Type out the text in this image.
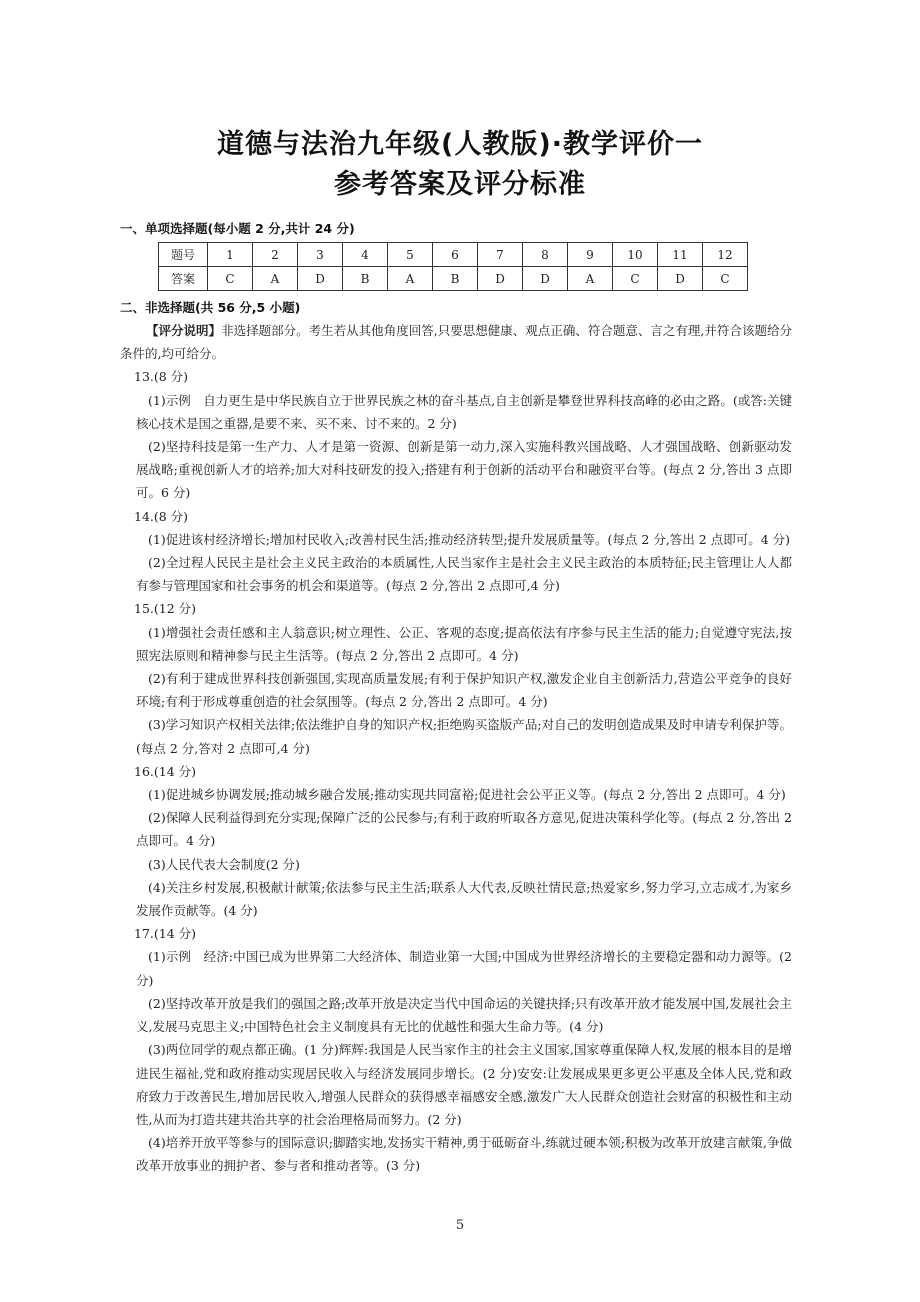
道德与法治九年级(人教版)·教学评价一
参考答案及评分标准
一、单项选择题(每小题 2 分,共计 24 分)
题号	1	2	3	4	5	6	7	8	9	10	11	12
答案	C	A	D	B	A	B	D	D	A	C	D	C
二、非选择题(共 56 分,5 小题)

【评分说明】非选择题部分。考生若从其他角度回答,只要思想健康、观点正确、符合题意、言之有理,并符合该题给分条件的,均可给分。

13.(8 分)

(1)示例　自力更生是中华民族自立于世界民族之林的奋斗基点,自主创新是攀登世界科技高峰的必由之路。(或答:关键核心技术是国之重器,是要不来、买不来、讨不来的。2 分)

(2)坚持科技是第一生产力、人才是第一资源、创新是第一动力,深入实施科教兴国战略、人才强国战略、创新驱动发展战略;重视创新人才的培养;加大对科技研发的投入;搭建有利于创新的活动平台和融资平台等。(每点 2 分,答出 3 点即可。6 分)

14.(8 分)

(1)促进该村经济增长;增加村民收入;改善村民生活;推动经济转型;提升发展质量等。(每点 2 分,答出 2 点即可。4 分)

(2)全过程人民民主是社会主义民主政治的本质属性,人民当家作主是社会主义民主政治的本质特征;民主管理让人人都有参与管理国家和社会事务的机会和渠道等。(每点 2 分,答出 2 点即可,4 分)

15.(12 分)

(1)增强社会责任感和主人翁意识;树立理性、公正、客观的态度;提高依法有序参与民主生活的能力;自觉遵守宪法,按照宪法原则和精神参与民主生活等。(每点 2 分,答出 2 点即可。4 分)

(2)有利于建成世界科技创新强国,实现高质量发展;有利于保护知识产权,激发企业自主创新活力,营造公平竞争的良好环境;有利于形成尊重创造的社会氛围等。(每点 2 分,答出 2 点即可。4 分)

(3)学习知识产权相关法律;依法维护自身的知识产权;拒绝购买盗版产品;对自己的发明创造成果及时申请专利保护等。(每点 2 分,答对 2 点即可,4 分)

16.(14 分)

(1)促进城乡协调发展;推动城乡融合发展;推动实现共同富裕;促进社会公平正义等。(每点 2 分,答出 2 点即可。4 分)

(2)保障人民利益得到充分实现;保障广泛的公民参与;有利于政府听取各方意见,促进决策科学化等。(每点 2 分,答出 2 点即可。4 分)

(3)人民代表大会制度(2 分)

(4)关注乡村发展,积极献计献策;依法参与民主生活;联系人大代表,反映社情民意;热爱家乡,努力学习,立志成才,为家乡发展作贡献等。(4 分)

17.(14 分)

(1)示例　经济:中国已成为世界第二大经济体、制造业第一大国;中国成为世界经济增长的主要稳定器和动力源等。(2 分)

(2)坚持改革开放是我们的强国之路;改革开放是决定当代中国命运的关键抉择;只有改革开放才能发展中国,发展社会主义,发展马克思主义;中国特色社会主义制度具有无比的优越性和强大生命力等。(4 分)

(3)两位同学的观点都正确。(1 分)辉辉:我国是人民当家作主的社会主义国家,国家尊重保障人权,发展的根本目的是增进民生福祉,党和政府推动实现居民收入与经济发展同步增长。(2 分)安安:让发展成果更多更公平惠及全体人民,党和政府致力于改善民生,增加居民收入,增强人民群众的获得感幸福感安全感,激发广大人民群众创造社会财富的积极性和主动性,从而为打造共建共治共享的社会治理格局而努力。(2 分)

(4)培养开放平等参与的国际意识;脚踏实地,发扬实干精神,勇于砥砺奋斗,练就过硬本领;积极为改革开放建言献策,争做改革开放事业的拥护者、参与者和推动者等。(3 分)

5
